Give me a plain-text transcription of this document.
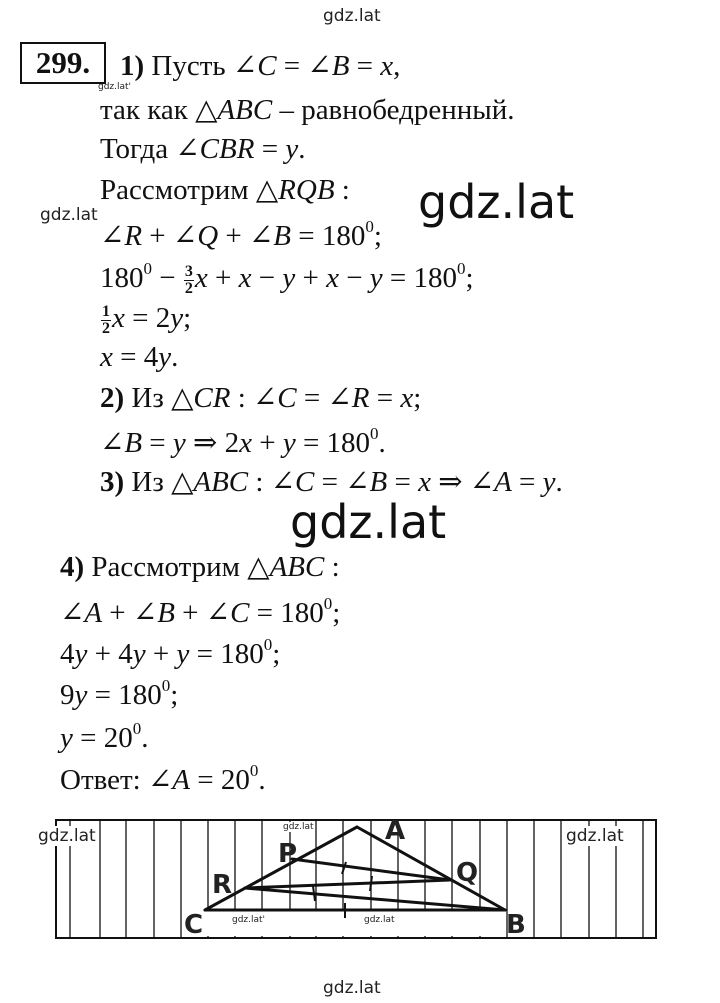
gdz.lat
gdz.lat'
gdz.lat	gdz.lat
gdz.lat
gdz.lat
299.	1) Пусть ∠C = ∠B = x,
так как △ABC – равнобедренный.
Тогда ∠CBR = y.
Рассмотрим △RQB :
∠R + ∠Q + ∠B = $180^0$;
$180^0 - \frac{3}{2}$ $x + x - y + x - y = 180^0$;
$\frac{1}{2}$ x = 2y;
x = 4y.
2) Из △CR : ∠C = ∠R = x;
∠B = y ⇒ $2x + y = 180^0$.
3) Из △ABC : ∠C = ∠B = x ⇒ ∠A = y.
4) Рассмотрим △ABC :
∠A + ∠B + ∠C = $180^0$;
$4y + 4y + y = 180^0$;
$9y = 180^0$;
$y = 20^0$.
Ответ: ∠A = $20^0$.
A
P
Q
R
C	B
gdz.lat	gdz.lat
gdz.lat
gdz.lat'	gdz.lat
